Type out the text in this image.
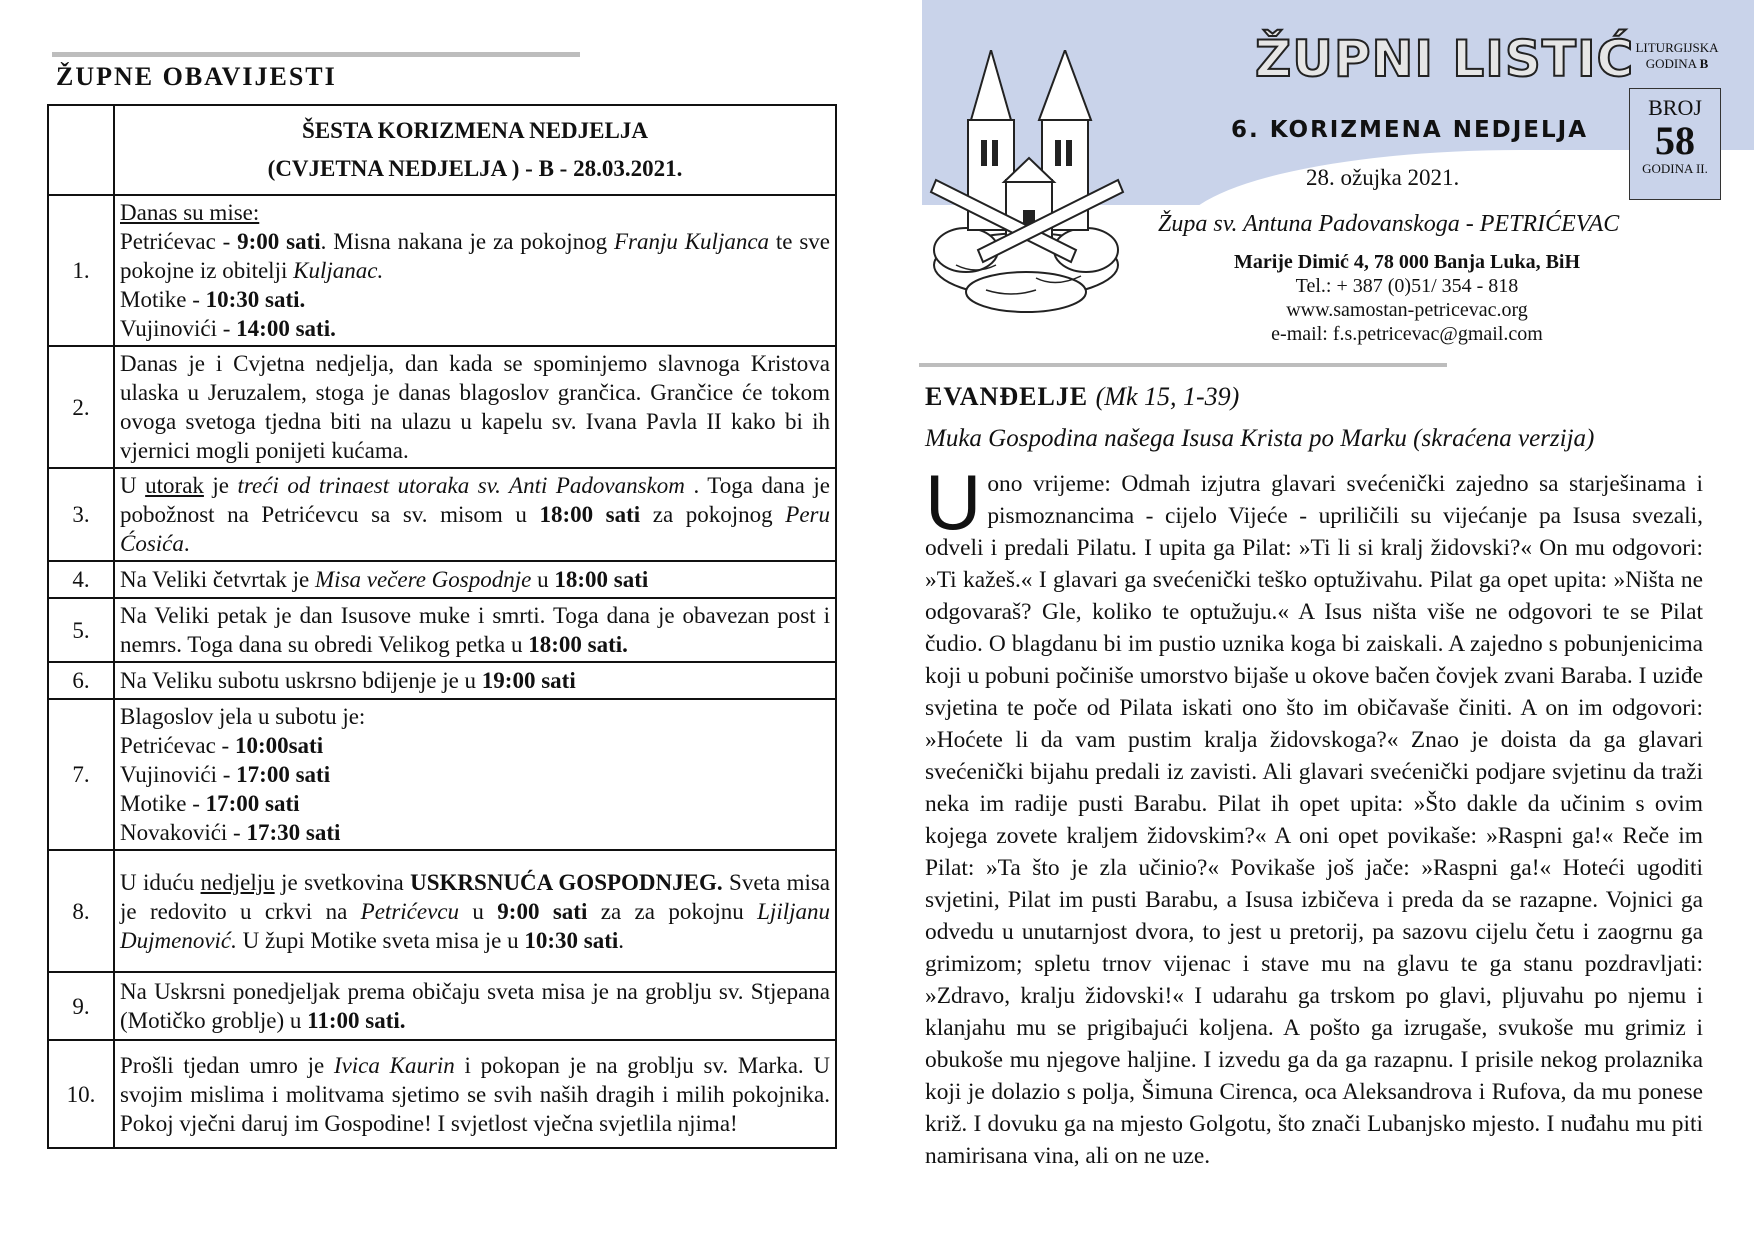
ŽUPNE OBAVIJESTI

	ŠESTA KORIZMENA NEDJELJA
(CVJETNA NEDJELJA ) - B - 28.03.2021.

1.	Danas su mise:
Petrićevac - 9:00 sati. Misna nakana je za pokojnog Franju Kuljanca te sve pokojne iz obitelji Kuljanac.
Motike - 10:30 sati.
Vujinovići - 14:00 sati.

2.	Danas je i Cvjetna nedjelja, dan kada se spominjemo slavnoga Kristova ulaska u Jeruzalem, stoga je danas blagoslov grančica. Grančice će tokom ovoga svetoga tjedna biti na ulazu u kapelu sv. Ivana Pavla II kako bi ih vjernici mogli ponijeti kućama.

3.	U utorak je treći od trinaest utoraka sv. Anti Padovanskom . Toga dana je pobožnost na Petrićevcu sa sv. misom u 18:00 sati za pokojnog Peru Ćosića.

4.	Na Veliki četvrtak je Misa večere Gospodnje u 18:00 sati

5.	Na Veliki petak je dan Isusove muke i smrti. Toga dana je obavezan post i nemrs. Toga dana su obredi Velikog petka u 18:00 sati.

6.	Na Veliku subotu uskrsno bdijenje je u 19:00 sati

7.	Blagoslov jela u subotu je:
Petrićevac - 10:00sati
Vujinovići - 17:00 sati
Motike - 17:00 sati
Novakovići - 17:30 sati

8.	U iduću nedjelju je svetkovina USKRSNUĆA GOSPODNJEG. Sveta misa je redovito u crkvi na Petrićevcu u 9:00 sati za za pokojnu Ljiljanu Dujmenović. U župi Motike sveta misa je u 10:30 sati.

9.	Na Uskrsni ponedjeljak prema običaju sveta misa je na groblju sv. Stjepana (Motičko groblje) u 11:00 sati.

10.	Prošli tjedan umro je Ivica Kaurin i pokopan je na groblju sv. Marka. U svojim mislima i molitvama sjetimo se svih naših dragih i milih pokojnika. Pokoj vječni daruj im Gospodine! I svjetlost vječna svjetlila njima!
ŽUPNI LISTIĆ LITURGIJSKA
GODINA B
BROJ
58
GODINA II.
6. KORIZMENA NEDJELJA
28. ožujka 2021.
Župa sv. Antuna Padovanskoga - PETRIĆEVAC
Marije Dimić 4, 78 000 Banja Luka, BiH
Tel.: + 387 (0)51/ 354 - 818
www.samostan-petricevac.org
e-mail: f.s.petricevac@gmail.com
EVANĐELJE (Mk 15, 1-39)
Muka Gospodina našega Isusa Krista po Marku (skraćena verzija)
U ono vrijeme: Odmah izjutra glavari svećenički zajedno sa starješinama i pismoznancima - cijelo Vijeće - upriličili su vijećanje pa Isusa svezali, odveli i predali Pilatu. I upita ga Pilat: »Ti li si kralj židovski?« On mu odgovori: »Ti kažeš.« I glavari ga svećenički teško optuživahu. Pilat ga opet upita: »Ništa ne odgovaraš? Gle, koliko te optužuju.« A Isus ništa više ne odgovori te se Pilat čudio. O blagdanu bi im pustio uznika koga bi zaiskali. A zajedno s pobunjenicima koji u pobuni počiniše umorstvo bijaše u okove bačen čovjek zvani Baraba. I uziđe svjetina te poče od Pilata iskati ono što im običavaše činiti. A on im odgovori: »Hoćete li da vam pustim kralja židovskoga?« Znao je doista da ga glavari svećenički bijahu predali iz zavisti. Ali glavari svećenički podjare svjetinu da traži neka im radije pusti Barabu. Pilat ih opet upita: »Što dakle da učinim s ovim kojega zovete kraljem židovskim?« A oni opet povikaše: »Raspni ga!« Reče im Pilat: »Ta što je zla učinio?« Povikaše još jače: »Raspni ga!« Hoteći ugoditi svjetini, Pilat im pusti Barabu, a Isusa izbičeva i preda da se razapne. Vojnici ga odvedu u unutarnjost dvora, to jest u pretorij, pa sazovu cijelu četu i zaogrnu ga grimizom; spletu trnov vijenac i stave mu na glavu te ga stanu pozdravljati: »Zdravo, kralju židovski!« I udarahu ga trskom po glavi, pljuvahu po njemu i klanjahu mu se prigibajući koljena. A pošto ga izrugaše, svukoše mu grimiz i obukoše mu njegove haljine. I izvedu ga da ga razapnu. I prisile nekog prolaznika koji je dolazio s polja, Šimuna Cirenca, oca Aleksandrova i Rufova, da mu ponese križ. I dovuku ga na mjesto Golgotu, što znači Lubanjsko mjesto. I nuđahu mu piti namirisana vina, ali on ne uze.
